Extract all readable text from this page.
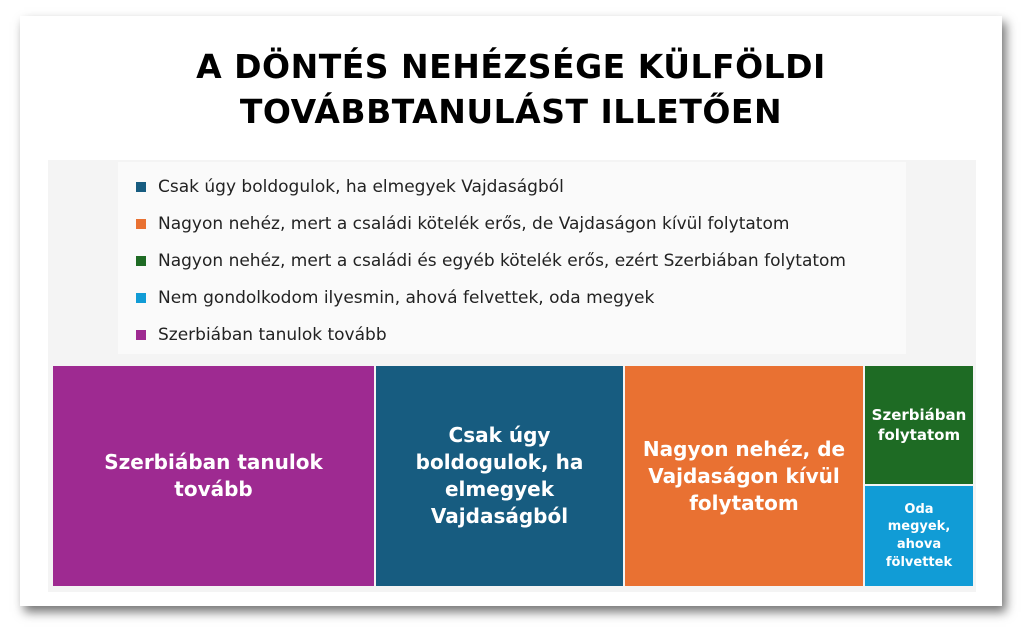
A DÖNTÉS NEHÉZSÉGE KÜLFÖLDI
TOVÁBBTANULÁST ILLETŐEN
Csak úgy boldogulok, ha elmegyek Vajdaságból
Nagyon nehéz, mert a családi kötelék erős, de Vajdaságon kívül folytatom
Nagyon nehéz, mert a családi és egyéb kötelék erős, ezért Szerbiában folytatom
Nem gondolkodom ilyesmin, ahová felvettek, oda megyek
Szerbiában tanulok tovább
Szerbiában tanulok tovább
Csak úgy boldogulok, ha elmegyek Vajdaságból
Nagyon nehéz, de Vajdaságon kívül folytatom
Szerbiában folytatom
Oda megyek, ahova fölvettek
